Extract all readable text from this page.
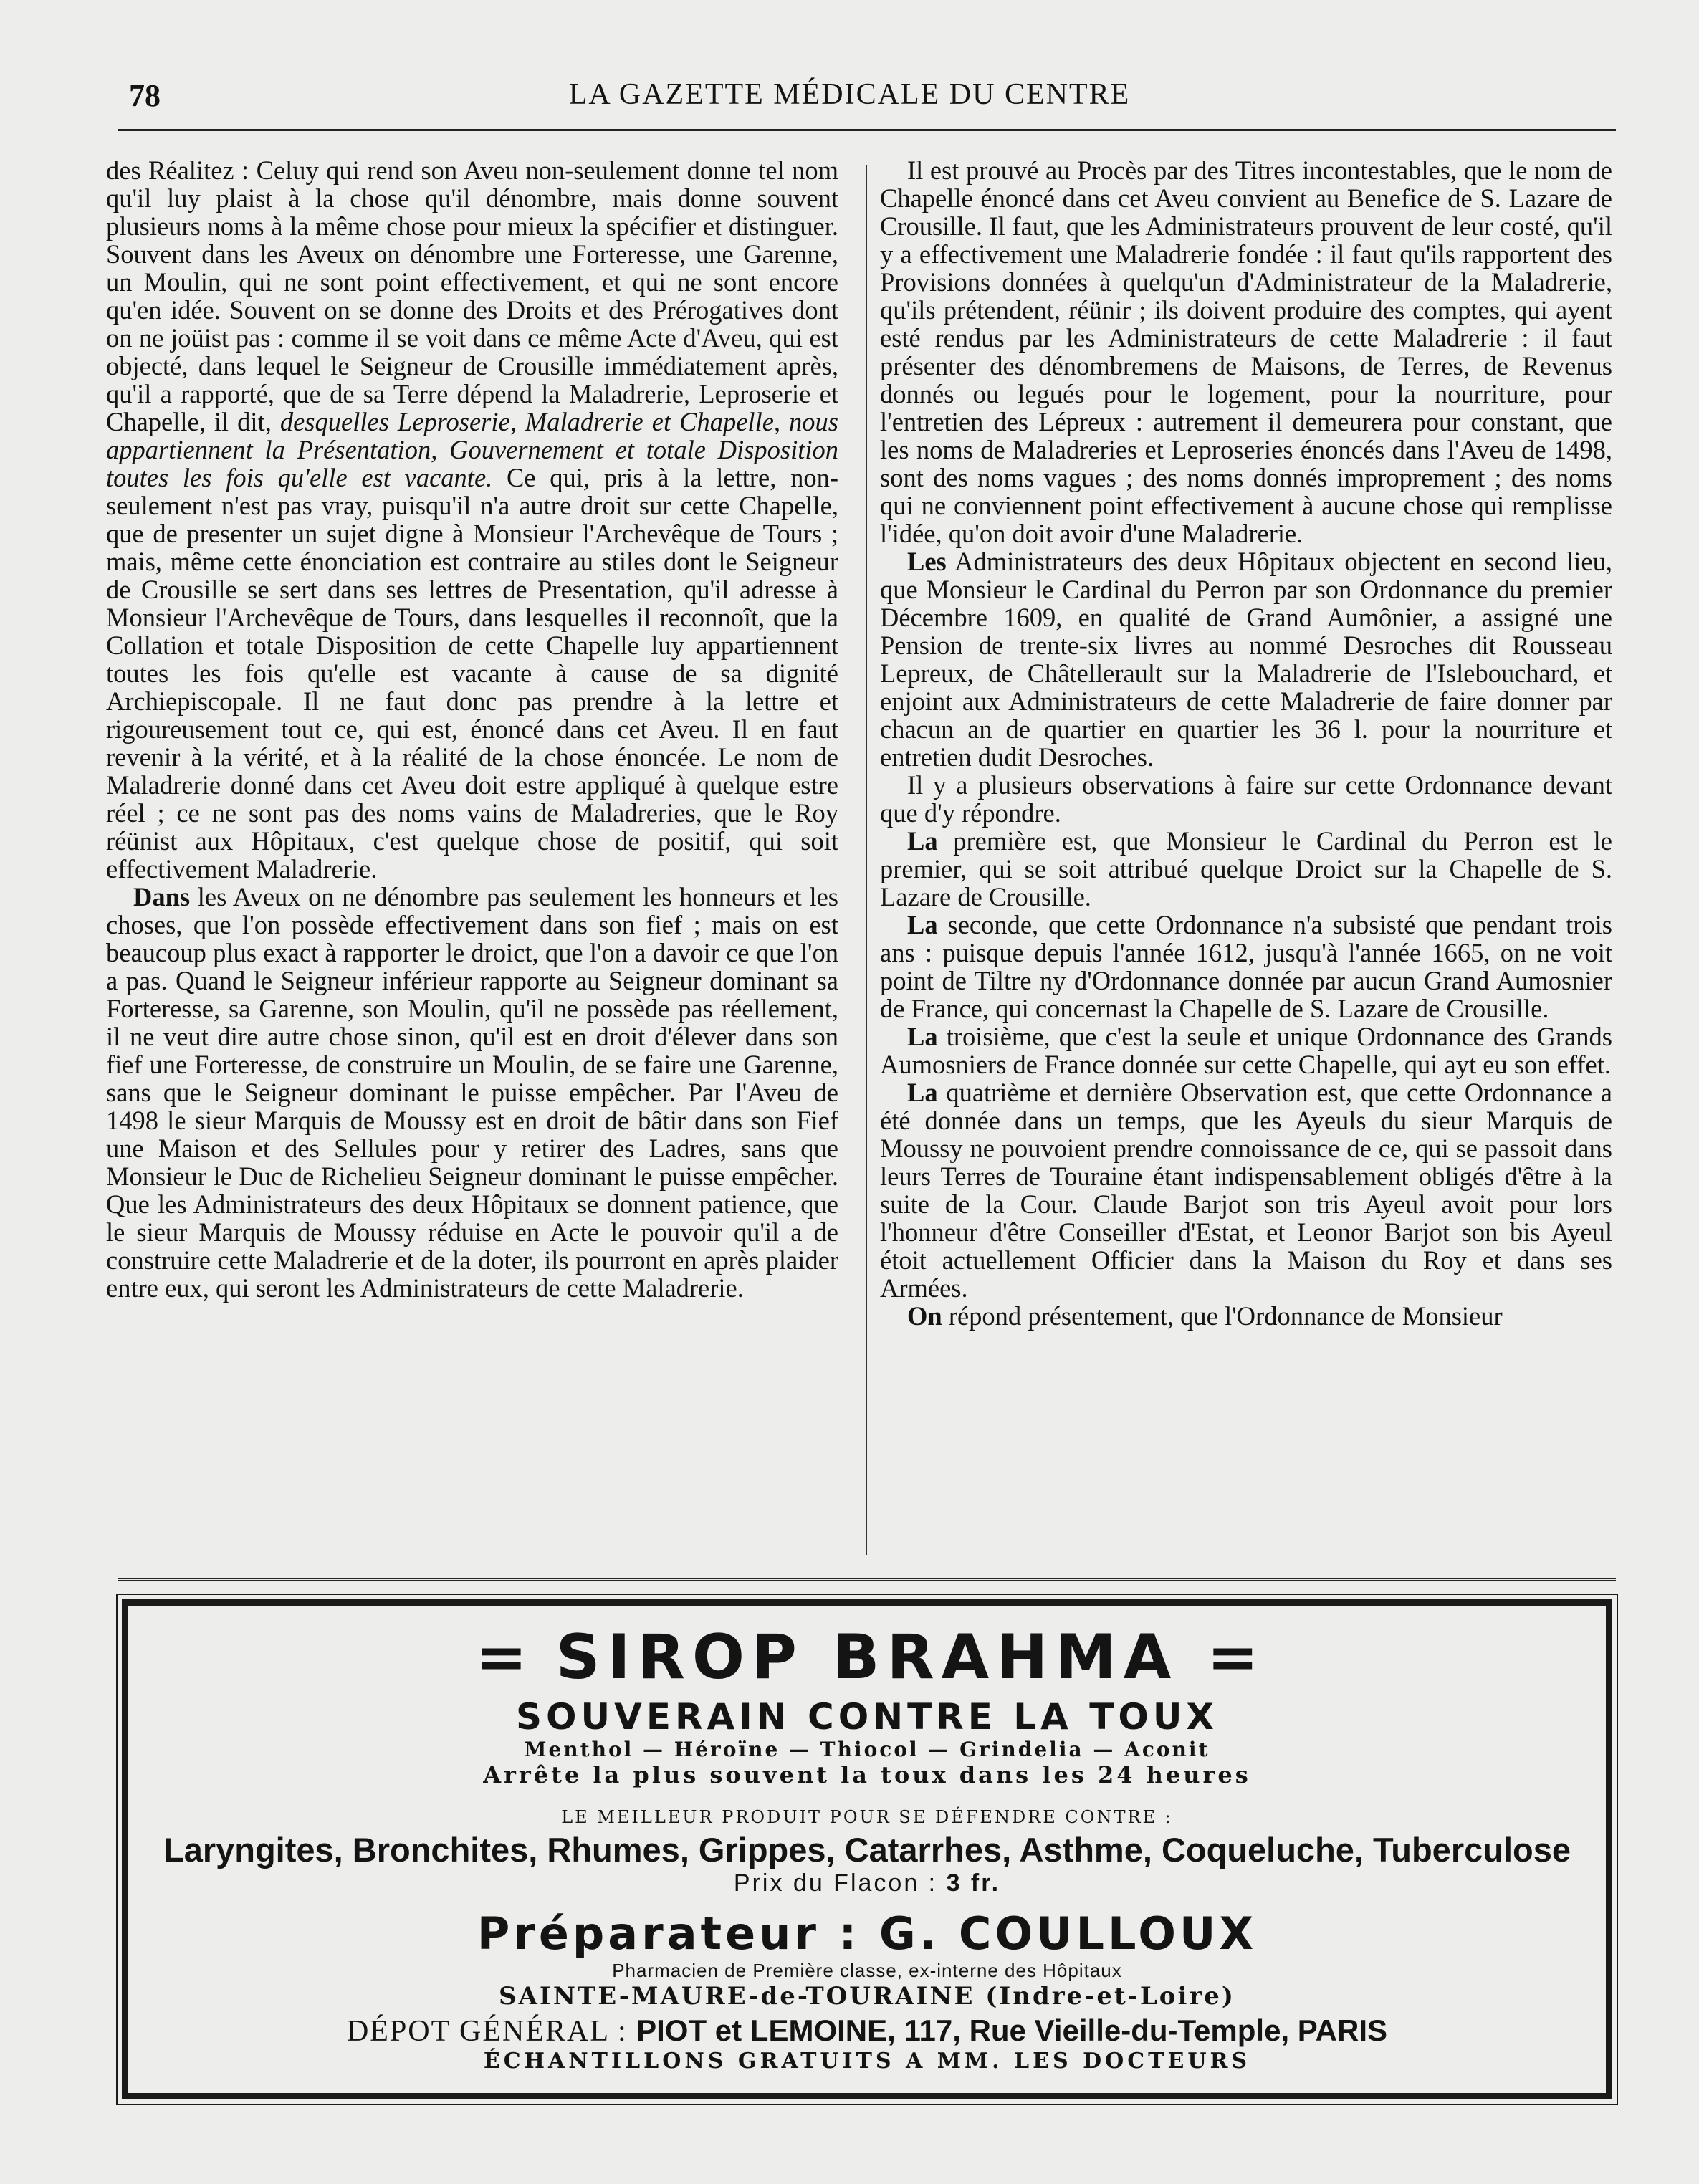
78	LA GAZETTE MÉDICALE DU CENTRE

des Réalitez : Celuy qui rend son Aveu non-seulement donne tel nom qu'il luy plaist à la chose qu'il dénombre, mais donne souvent plusieurs noms à la même chose pour mieux la spécifier et distinguer. Souvent dans les Aveux on dénombre une Forteresse, une Garenne, un Moulin, qui ne sont point effectivement, et qui ne sont encore qu'en idée. Souvent on se donne des Droits et des Prérogatives dont on ne joüist pas : comme il se voit dans ce même Acte d'Aveu, qui est objecté, dans lequel le Seigneur de Crousille immédiatement après, qu'il a rapporté, que de sa Terre dépend la Maladrerie, Leproserie et Chapelle, il dit, desquelles Leproserie, Maladrerie et Chapelle, nous appartiennent la Présentation, Gouvernement et totale Disposition toutes les fois qu'elle est vacante. Ce qui, pris à la lettre, non-seulement n'est pas vray, puisqu'il n'a autre droit sur cette Chapelle, que de presenter un sujet digne à Monsieur l'Archevêque de Tours ; mais, même cette énonciation est contraire au stiles dont le Seigneur de Crousille se sert dans ses lettres de Presentation, qu'il adresse à Monsieur l'Archevêque de Tours, dans lesquelles il reconnoît, que la Collation et totale Disposition de cette Chapelle luy appartiennent toutes les fois qu'elle est vacante à cause de sa dignité Archiepiscopale. Il ne faut donc pas prendre à la lettre et rigoureusement tout ce, qui est, énoncé dans cet Aveu. Il en faut revenir à la vérité, et à la réalité de la chose énoncée. Le nom de Maladrerie donné dans cet Aveu doit estre appliqué à quelque estre réel ; ce ne sont pas des noms vains de Maladreries, que le Roy réünist aux Hôpitaux, c'est quelque chose de positif, qui soit effectivement Maladrerie.

Dans les Aveux on ne dénombre pas seulement les honneurs et les choses, que l'on possède effectivement dans son fief ; mais on est beaucoup plus exact à rapporter le droict, que l'on a davoir ce que l'on a pas. Quand le Seigneur inférieur rapporte au Seigneur dominant sa Forteresse, sa Garenne, son Moulin, qu'il ne possède pas réellement, il ne veut dire autre chose sinon, qu'il est en droit d'élever dans son fief une Forteresse, de construire un Moulin, de se faire une Garenne, sans que le Seigneur dominant le puisse empêcher. Par l'Aveu de 1498 le sieur Marquis de Moussy est en droit de bâtir dans son Fief une Maison et des Sellules pour y retirer des Ladres, sans que Monsieur le Duc de Richelieu Seigneur dominant le puisse empêcher. Que les Administrateurs des deux Hôpitaux se donnent patience, que le sieur Marquis de Moussy réduise en Acte le pouvoir qu'il a de construire cette Maladrerie et de la doter, ils pourront en après plaider entre eux, qui seront les Administrateurs de cette Maladrerie.

Il est prouvé au Procès par des Titres incontestables, que le nom de Chapelle énoncé dans cet Aveu convient au Benefice de S. Lazare de Crousille. Il faut, que les Administrateurs prouvent de leur costé, qu'il y a effectivement une Maladrerie fondée : il faut qu'ils rapportent des Provisions données à quelqu'un d'Administrateur de la Maladrerie, qu'ils prétendent, réünir ; ils doivent produire des comptes, qui ayent esté rendus par les Administrateurs de cette Maladrerie : il faut présenter des dénombremens de Maisons, de Terres, de Revenus donnés ou legués pour le logement, pour la nourriture, pour l'entretien des Lépreux : autrement il demeurera pour constant, que les noms de Maladreries et Leproseries énoncés dans l'Aveu de 1498, sont des noms vagues ; des noms donnés improprement ; des noms qui ne conviennent point effectivement à aucune chose qui remplisse l'idée, qu'on doit avoir d'une Maladrerie.

Les Administrateurs des deux Hôpitaux objectent en second lieu, que Monsieur le Cardinal du Perron par son Ordonnance du premier Décembre 1609, en qualité de Grand Aumônier, a assigné une Pension de trente-six livres au nommé Desroches dit Rousseau Lepreux, de Châtellerault sur la Maladrerie de l'Islebouchard, et enjoint aux Administrateurs de cette Maladrerie de faire donner par chacun an de quartier en quartier les 36 l. pour la nourriture et entretien dudit Desroches.

Il y a plusieurs observations à faire sur cette Ordonnance devant que d'y répondre.

La première est, que Monsieur le Cardinal du Perron est le premier, qui se soit attribué quelque Droict sur la Chapelle de S. Lazare de Crousille.

La seconde, que cette Ordonnance n'a subsisté que pendant trois ans : puisque depuis l'année 1612, jusqu'à l'année 1665, on ne voit point de Tiltre ny d'Ordonnance donnée par aucun Grand Aumosnier de France, qui concernast la Chapelle de S. Lazare de Crousille.

La troisième, que c'est la seule et unique Ordonnance des Grands Aumosniers de France donnée sur cette Chapelle, qui ayt eu son effet.

La quatrième et dernière Observation est, que cette Ordonnance a été donnée dans un temps, que les Ayeuls du sieur Marquis de Moussy ne pouvoient prendre connoissance de ce, qui se passoit dans leurs Terres de Touraine étant indispensablement obligés d'être à la suite de la Cour. Claude Barjot son tris Ayeul avoit pour lors l'honneur d'être Conseiller d'Estat, et Leonor Barjot son bis Ayeul étoit actuellement Officier dans la Maison du Roy et dans ses Armées.

On répond présentement, que l'Ordonnance de Monsieur

= SIROP BRAHMA =
SOUVERAIN CONTRE LA TOUX
Menthol — Héroïne — Thiocol — Grindelia — Aconit
Arrête la plus souvent la toux dans les 24 heures
LE MEILLEUR PRODUIT POUR SE DÉFENDRE CONTRE :
Laryngites, Bronchites, Rhumes, Grippes, Catarrhes, Asthme, Coqueluche, Tuberculose
Prix du Flacon : 3 fr.
Préparateur : G. COULLOUX
Pharmacien de Première classe, ex-interne des Hôpitaux
SAINTE-MAURE-de-TOURAINE (Indre-et-Loire)
DÉPOT GÉNÉRAL : PIOT et LEMOINE, 117, Rue Vieille-du-Temple, PARIS
ÉCHANTILLONS GRATUITS A MM. LES DOCTEURS
